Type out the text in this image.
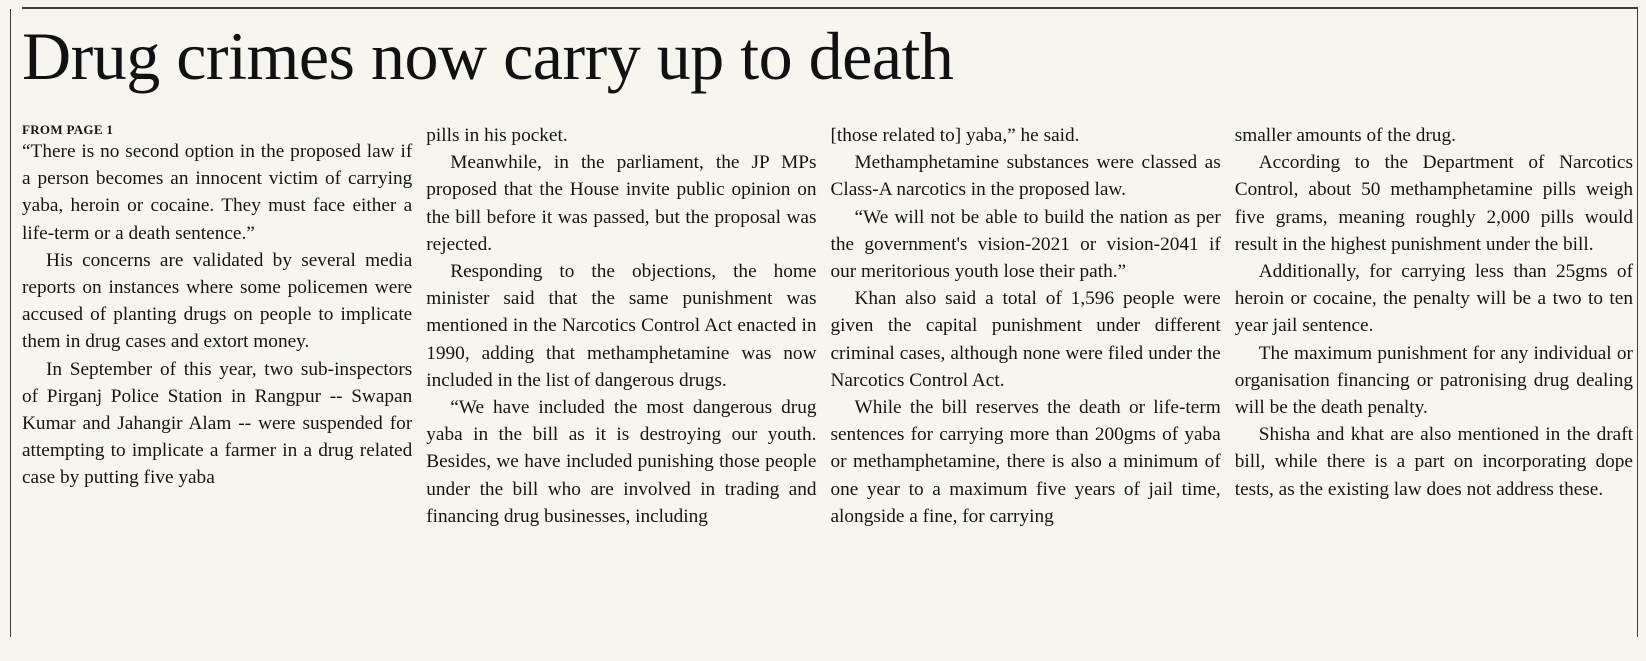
Drug crimes now carry up to death

FROM PAGE 1

“There is no second option in the proposed law if a person becomes an innocent victim of carrying yaba, heroin or cocaine. They must face either a life-term or a death sentence.”

His concerns are validated by several media reports on instances where some policemen were accused of planting drugs on people to implicate them in drug cases and extort money.

In September of this year, two sub-inspectors of Pirganj Police Station in Rangpur -- Swapan Kumar and Jahangir Alam -- were suspended for attempting to implicate a farmer in a drug related case by putting five yaba

pills in his pocket.

Meanwhile, in the parliament, the JP MPs proposed that the House invite public opinion on the bill before it was passed, but the proposal was rejected.

Responding to the objections, the home minister said that the same punishment was mentioned in the Narcotics Control Act enacted in 1990, adding that methamphetamine was now included in the list of dangerous drugs.

“We have included the most dangerous drug yaba in the bill as it is destroying our youth. Besides, we have included punishing those people under the bill who are involved in trading and financing drug businesses, including

[those related to] yaba,” he said.

Methamphetamine substances were classed as Class-A narcotics in the proposed law.

“We will not be able to build the nation as per the government's vision-2021 or vision-2041 if our meritorious youth lose their path.”

Khan also said a total of 1,596 people were given the capital punishment under different criminal cases, although none were filed under the Narcotics Control Act.

While the bill reserves the death or life-term sentences for carrying more than 200gms of yaba or methamphetamine, there is also a minimum of one year to a maximum five years of jail time, alongside a fine, for carrying

smaller amounts of the drug.

According to the Department of Narcotics Control, about 50 methamphetamine pills weigh five grams, meaning roughly 2,000 pills would result in the highest punishment under the bill.

Additionally, for carrying less than 25gms of heroin or cocaine, the penalty will be a two to ten year jail sentence.

The maximum punishment for any individual or organisation financing or patronising drug dealing will be the death penalty.

Shisha and khat are also mentioned in the draft bill, while there is a part on incorporating dope tests, as the existing law does not address these.
